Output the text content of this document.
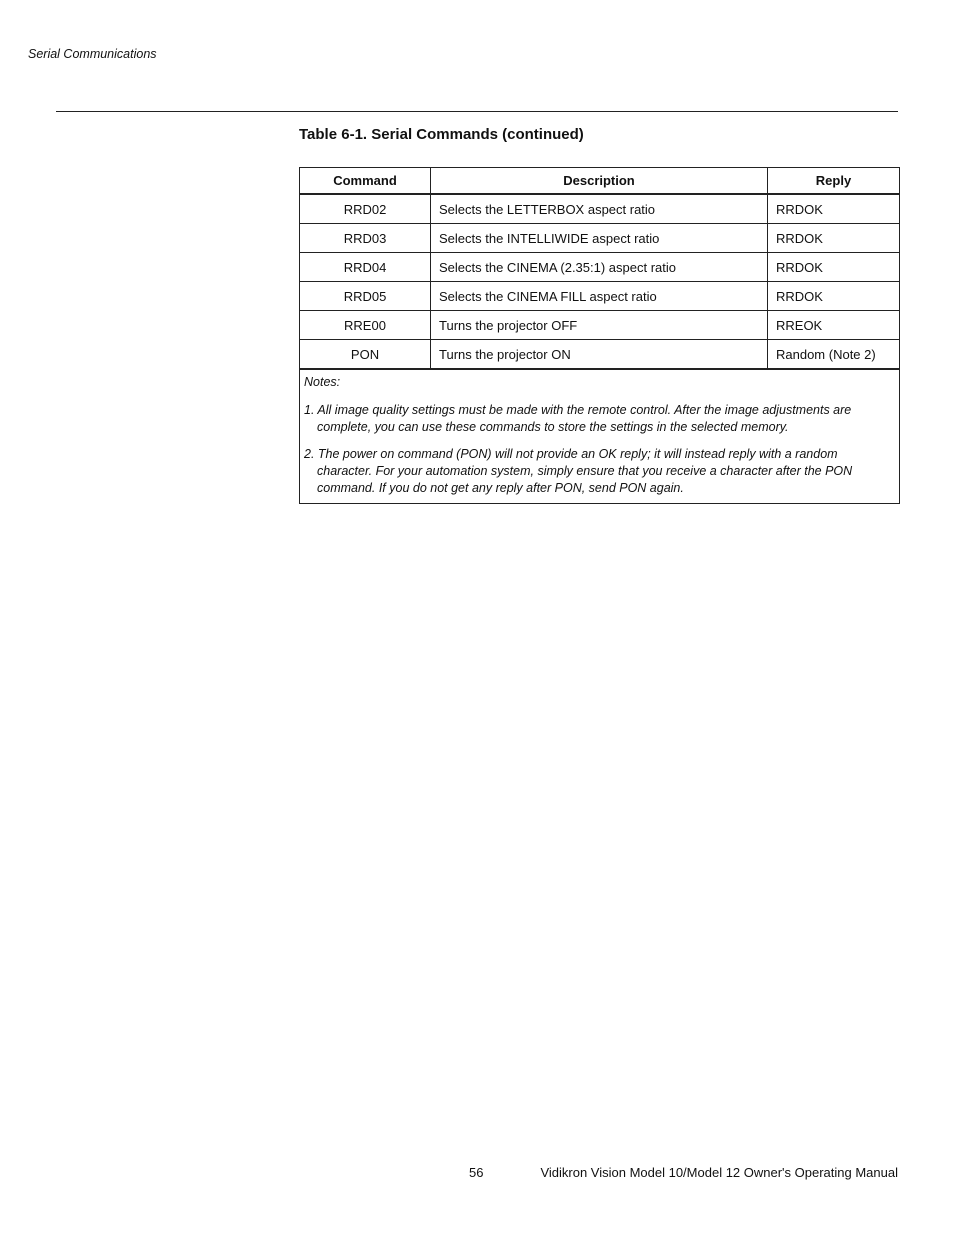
Serial Communications
Table 6-1. Serial Commands (continued)
Command	Description	Reply
RRD02	Selects the LETTERBOX aspect ratio	RRDOK
RRD03	Selects the INTELLIWIDE aspect ratio	RRDOK
RRD04	Selects the CINEMA (2.35:1) aspect ratio	RRDOK
RRD05	Selects the CINEMA FILL aspect ratio	RRDOK
RRE00	Turns the projector OFF	RREOK
PON	Turns the projector ON	Random (Note 2)

Notes:
1. All image quality settings must be made with the remote control. After the image adjustments are complete, you can use these commands to store the settings in the selected memory.
2. The power on command (PON) will not provide an OK reply; it will instead reply with a random character. For your automation system, simply ensure that you receive a character after the PON command. If you do not get any reply after PON, send PON again.		
56	Vidikron Vision Model 10/Model 12 Owner's Operating Manual
